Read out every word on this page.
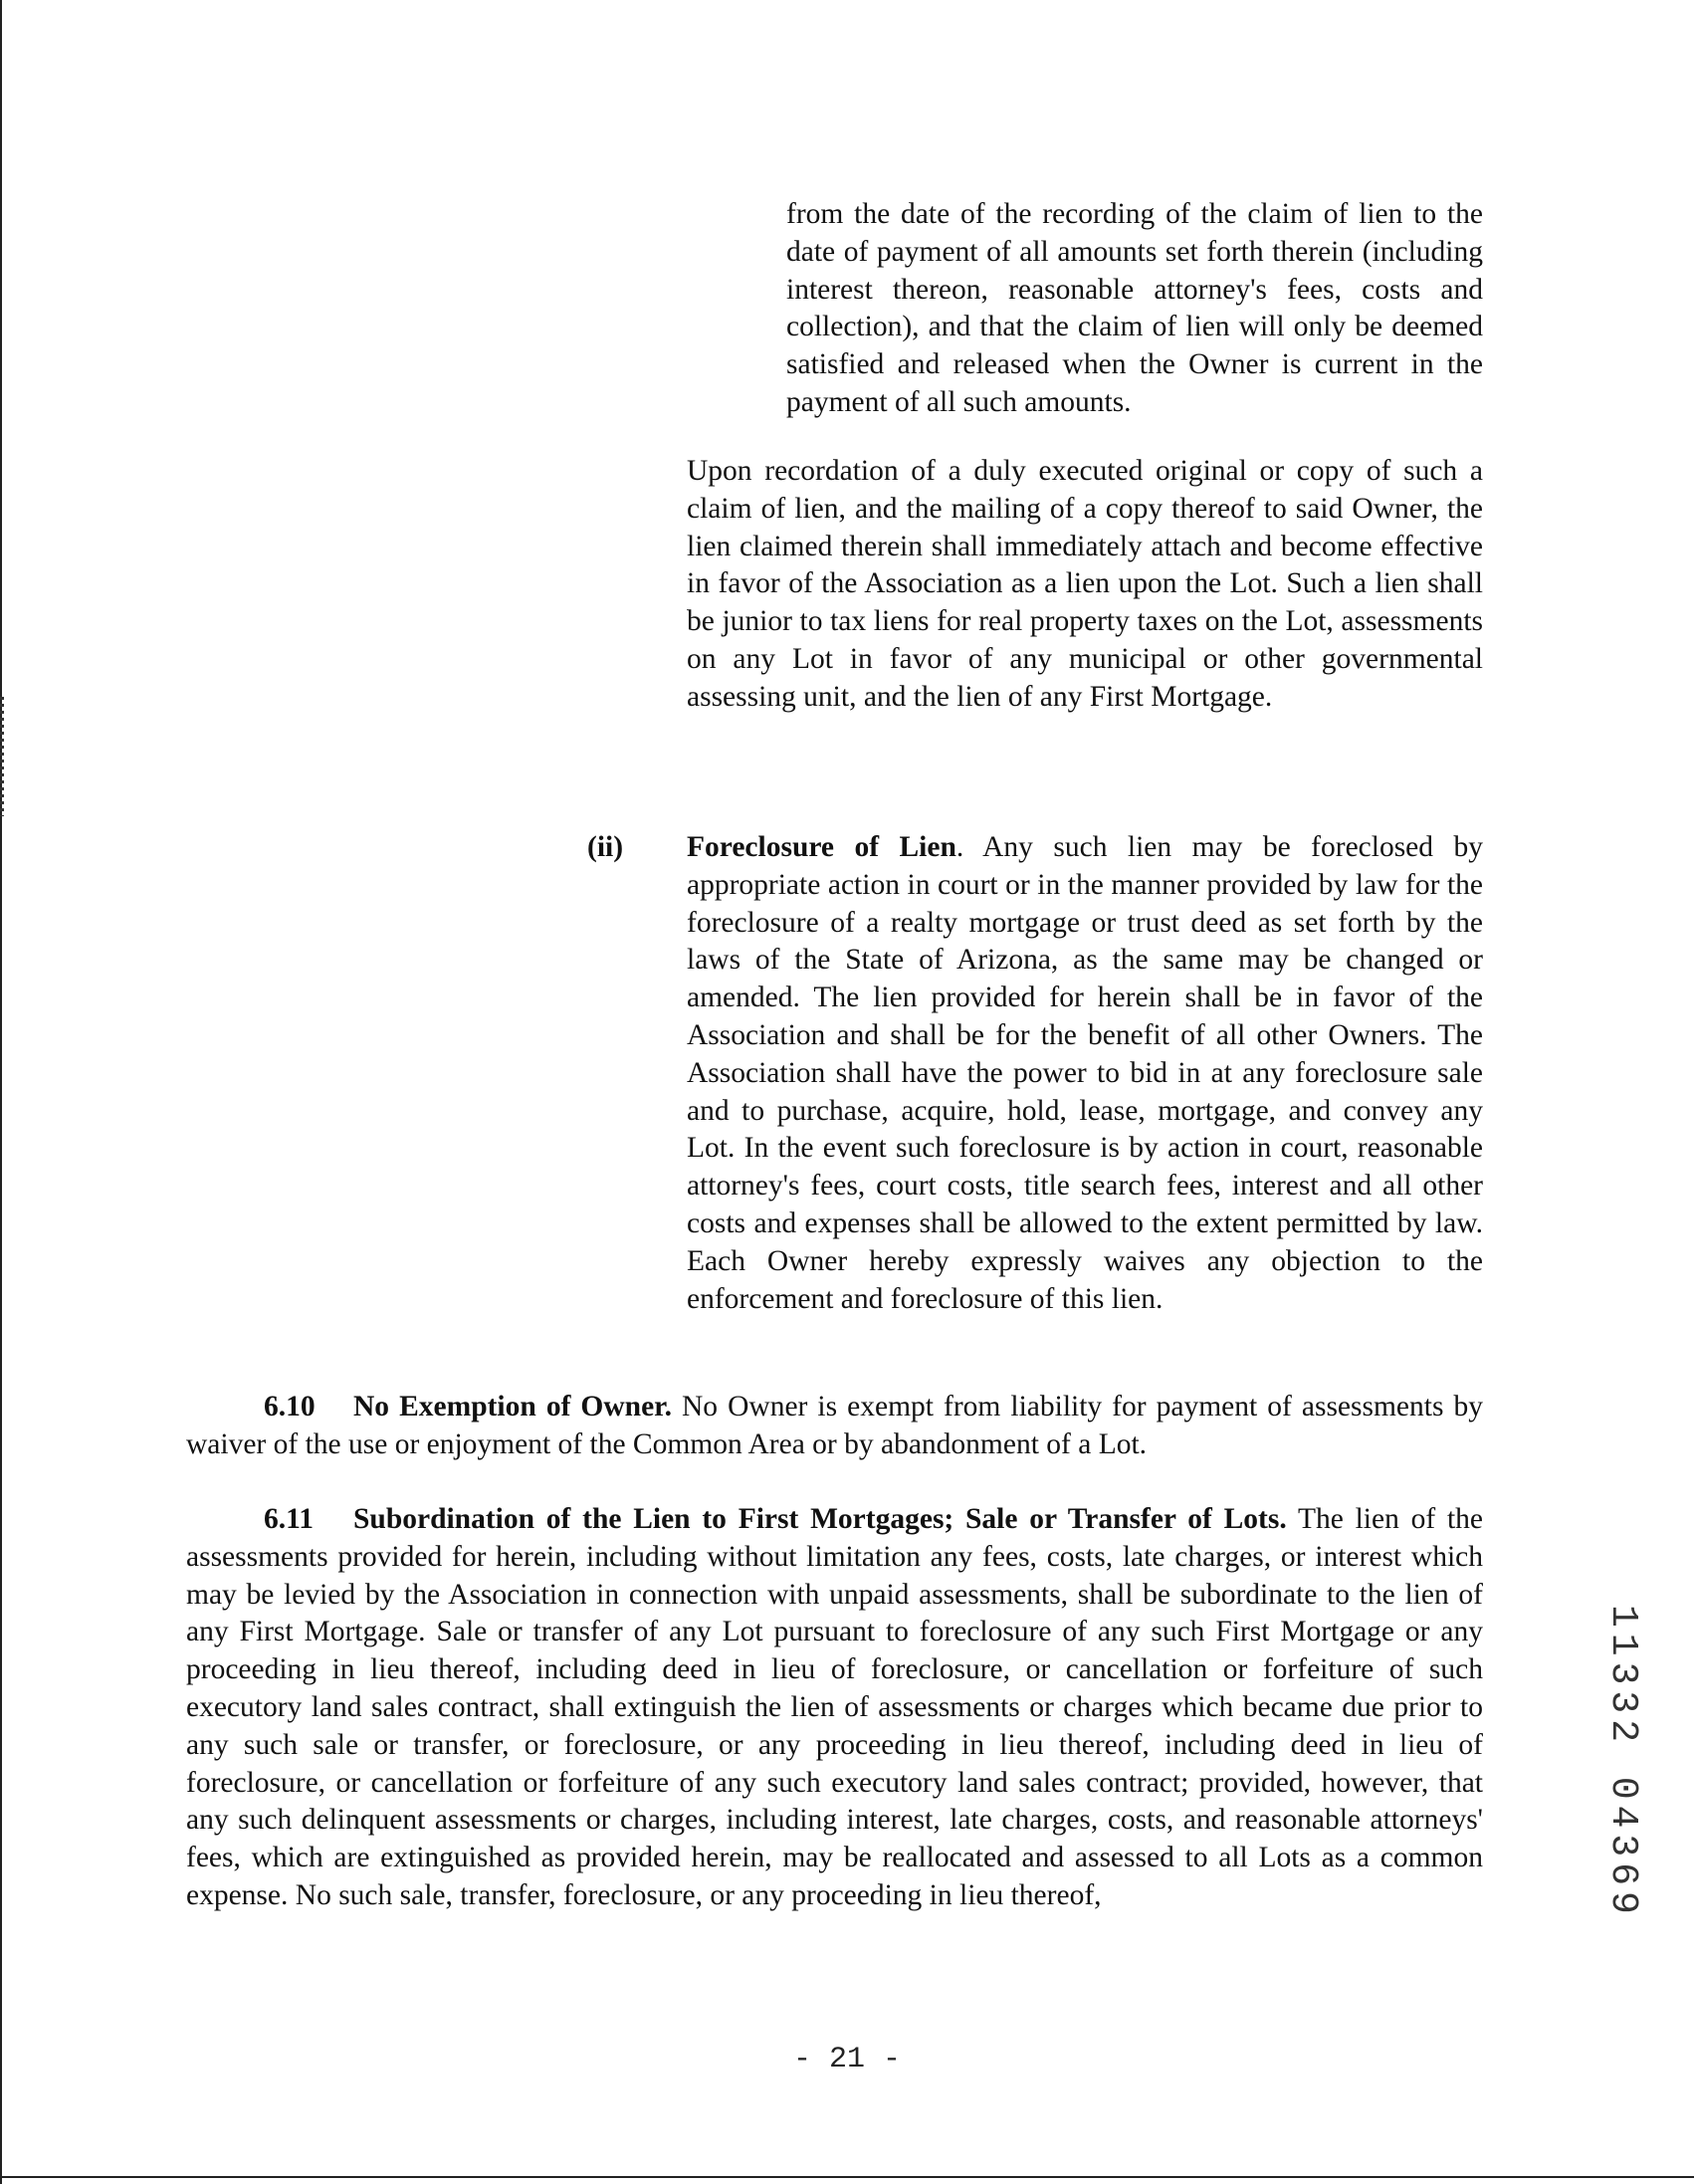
from the date of the recording of the claim of lien to the date of payment of all amounts set forth therein (including interest thereon, reasonable attorney's fees, costs and collection), and that the claim of lien will only be deemed satisfied and released when the Owner is current in the payment of all such amounts.

Upon recordation of a duly executed original or copy of such a claim of lien, and the mailing of a copy thereof to said Owner, the lien claimed therein shall immediately attach and become effective in favor of the Association as a lien upon the Lot. Such a lien shall be junior to tax liens for real property taxes on the Lot, assessments on any Lot in favor of any municipal or other governmental assessing unit, and the lien of any First Mortgage.

(ii)	Foreclosure of Lien. Any such lien may be foreclosed by appropriate action in court or in the manner provided by law for the foreclosure of a realty mortgage or trust deed as set forth by the laws of the State of Arizona, as the same may be changed or amended. The lien provided for herein shall be in favor of the Association and shall be for the benefit of all other Owners. The Association shall have the power to bid in at any foreclosure sale and to purchase, acquire, hold, lease, mortgage, and convey any Lot. In the event such foreclosure is by action in court, reasonable attorney's fees, court costs, title search fees, interest and all other costs and expenses shall be allowed to the extent permitted by law. Each Owner hereby expressly waives any objection to the enforcement and foreclosure of this lien.

6.10 No Exemption of Owner. No Owner is exempt from liability for payment of assessments by waiver of the use or enjoyment of the Common Area or by abandonment of a Lot.

6.11 Subordination of the Lien to First Mortgages; Sale or Transfer of Lots. The lien of the assessments provided for herein, including without limitation any fees, costs, late charges, or interest which may be levied by the Association in connection with unpaid assessments, shall be subordinate to the lien of any First Mortgage. Sale or transfer of any Lot pursuant to foreclosure of any such First Mortgage or any proceeding in lieu thereof, including deed in lieu of foreclosure, or cancellation or forfeiture of such executory land sales contract, shall extinguish the lien of assessments or charges which became due prior to any such sale or transfer, or foreclosure, or any proceeding in lieu thereof, including deed in lieu of foreclosure, or cancellation or forfeiture of any such executory land sales contract; provided, however, that any such delinquent assessments or charges, including interest, late charges, costs, and reasonable attorneys' fees, which are extinguished as provided herein, may be reallocated and assessed to all Lots as a common expense. No such sale, transfer, foreclosure, or any proceeding in lieu thereof,	11332 04369
- 21 -
